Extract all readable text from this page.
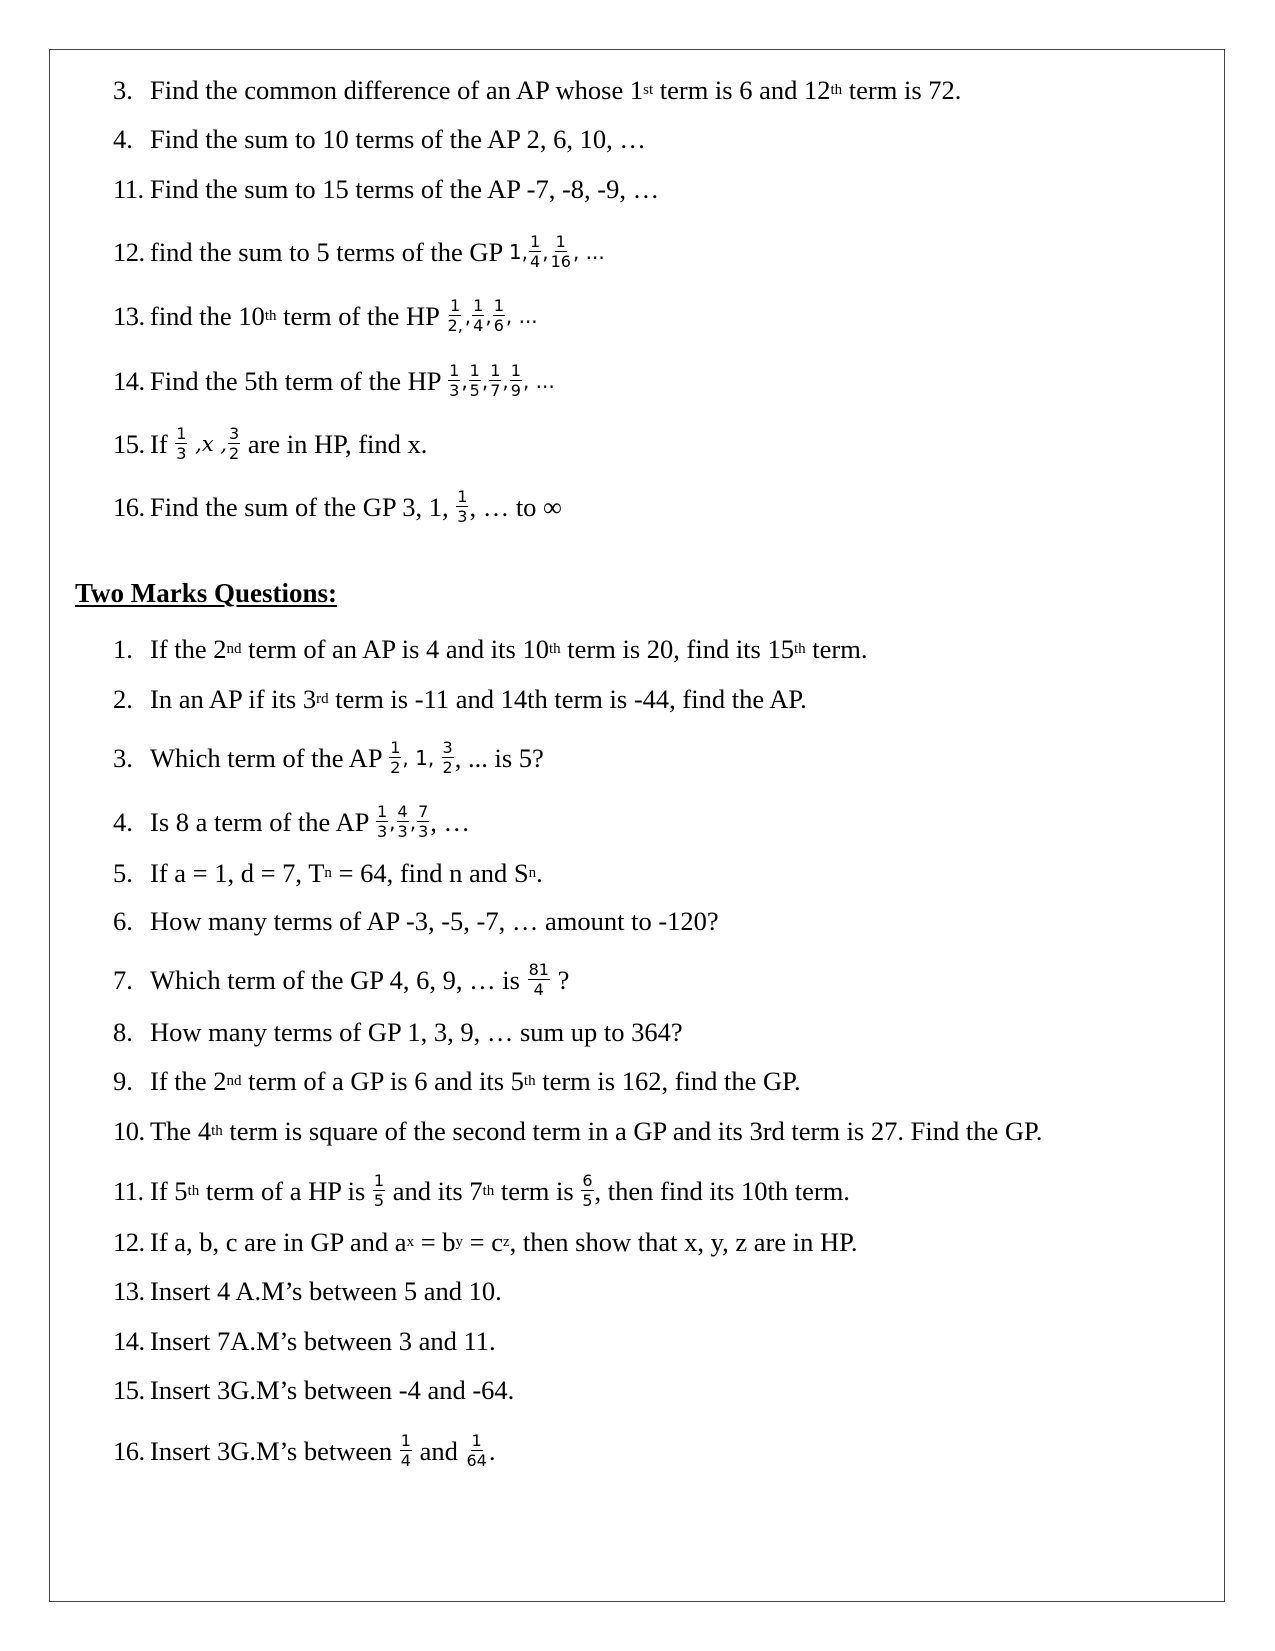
3. Find the common difference of an AP whose 1 st term is 6 and 12 th term is 72.
4. Find the sum to 10 terms of the AP 2, 6, 10, …
11. Find the sum to 15 terms of the AP -7, -8, -9, …
12. find the sum to 5 terms of the GP 1, $\frac{1}{4}$ , $\frac{1}{16}$ , ...
13. find the 10 th term of the HP $\frac{1}{2,}$ , $\frac{1}{4}$ , $\frac{1}{6}$ , ...
14. Find the 5th term of the HP $\frac{1}{3}$ , $\frac{1}{5}$ , $\frac{1}{7}$ , $\frac{1}{9}$ , ...
15. If $\frac{1}{3} ,x$ , $\frac{3}{2}$ are in HP, find x.
16. Find the sum of the GP 3, 1, $\frac{1}{3}$ , … to ∞
Two Marks Questions:
1. If the 2 nd term of an AP is 4 and its 10 th term is 20, find its 15 th term.
2. In an AP if its 3 rd term is -11 and 14th term is -44, find the AP.
3. Which term of the AP $\frac{1}{2}$ , 1, $\frac{3}{2}$ , ... is 5?
4. Is 8 a term of the AP $\frac{1}{3}$ , $\frac{4}{3}$ , $\frac{7}{3}$ , …
5. If a = 1, d = 7, T n = 64, find n and S n .
6. How many terms of AP -3, -5, -7, … amount to -120?
7. Which term of the GP 4, 6, 9, … is $\frac{81}{4}$ ?
8. How many terms of GP 1, 3, 9, … sum up to 364?
9. If the 2 nd term of a GP is 6 and its 5 th term is 162, find the GP.
10. The 4 th term is square of the second term in a GP and its 3rd term is 27. Find the GP.
11. If 5 th term of a HP is $\frac{1}{5}$ and its 7 th term is $\frac{6}{5}$ , then find its 10th term.
12. If a, b, c are in GP and a x = b y = c z , then show that x, y, z are in HP.
13. Insert 4 A.M’s between 5 and 10.
14. Insert 7A.M’s between 3 and 11.
15. Insert 3G.M’s between -4 and -64.
16. Insert 3G.M’s between $\frac{1}{4}$ and $\frac{1}{64}$ .
